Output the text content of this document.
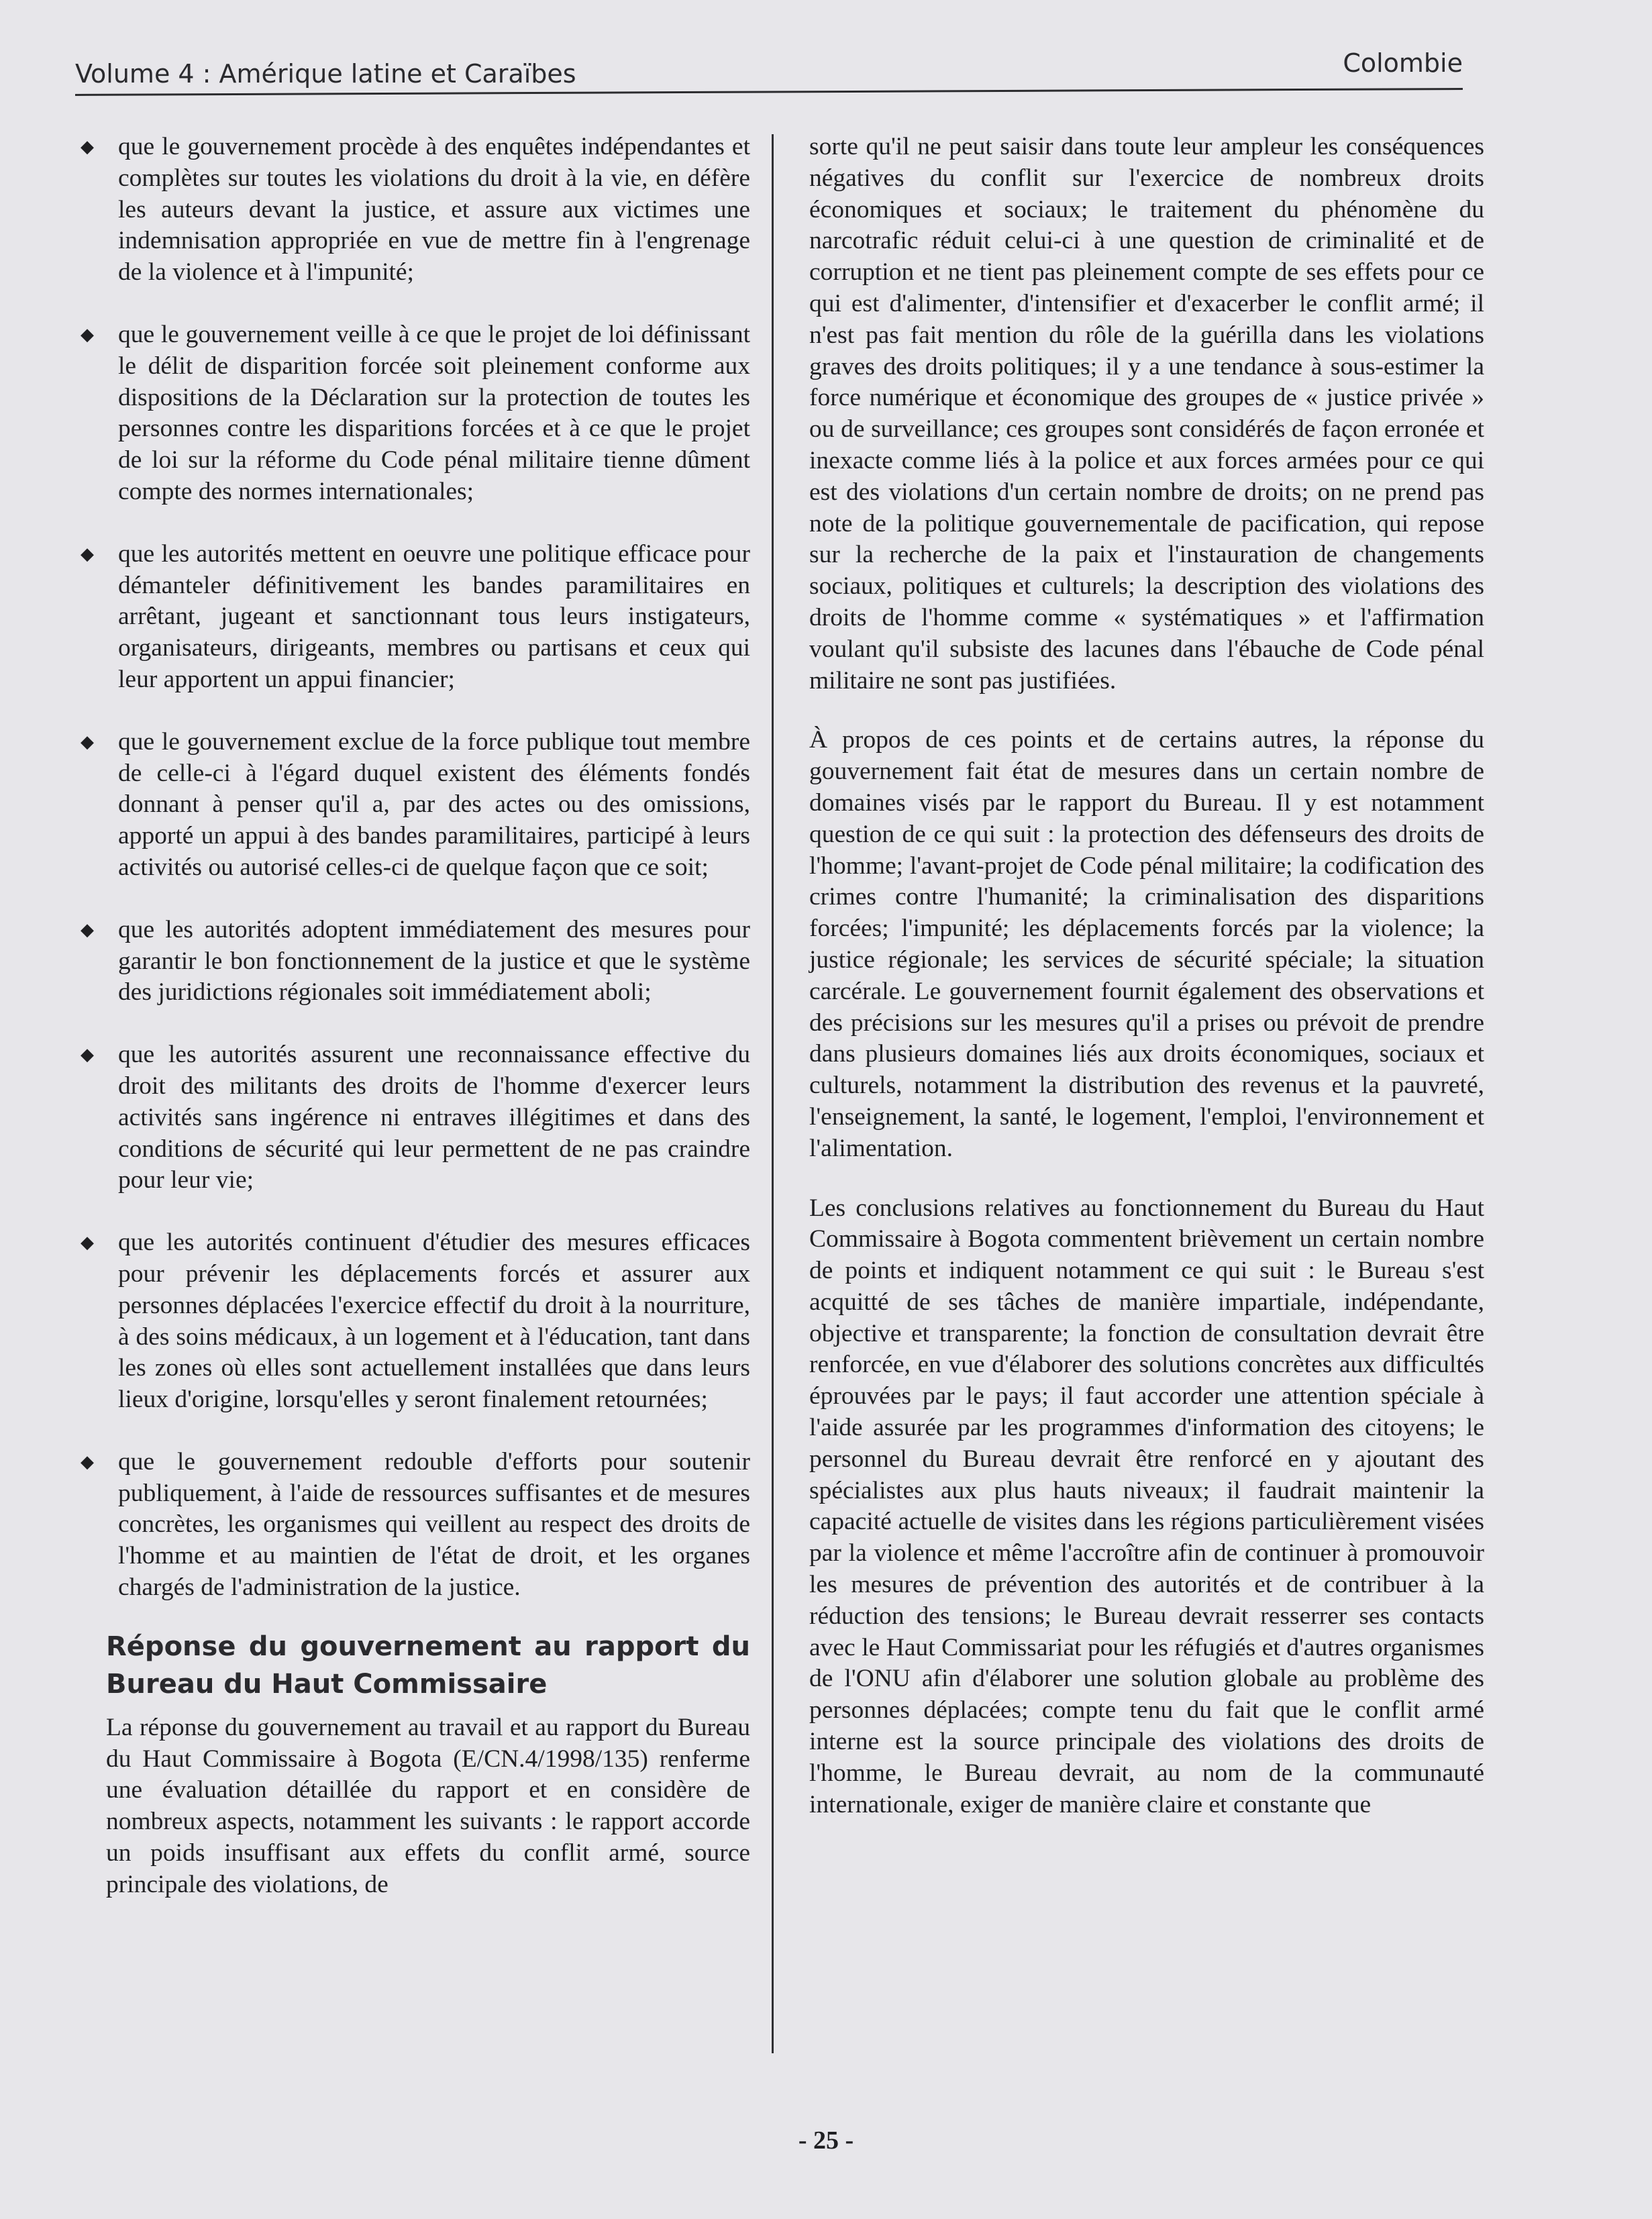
Volume 4 : Amérique latine et Caraïbes	Colombie
◆ que le gouvernement procède à des enquêtes indépendantes et complètes sur toutes les violations du droit à la vie, en défère les auteurs devant la justice, et assure aux victimes une indemnisation appropriée en vue de mettre fin à l'engrenage de la violence et à l'impunité;
◆ que le gouvernement veille à ce que le projet de loi définissant le délit de disparition forcée soit pleinement conforme aux dispositions de la Déclaration sur la protection de toutes les personnes contre les disparitions forcées et à ce que le projet de loi sur la réforme du Code pénal militaire tienne dûment compte des normes internationales;
◆ que les autorités mettent en oeuvre une politique efficace pour démanteler définitivement les bandes paramilitaires en arrêtant, jugeant et sanctionnant tous leurs instigateurs, organisateurs, dirigeants, membres ou partisans et ceux qui leur apportent un appui financier;
◆ que le gouvernement exclue de la force publique tout membre de celle-ci à l'égard duquel existent des éléments fondés donnant à penser qu'il a, par des actes ou des omissions, apporté un appui à des bandes paramilitaires, participé à leurs activités ou autorisé celles-ci de quelque façon que ce soit;
◆ que les autorités adoptent immédiatement des mesures pour garantir le bon fonctionnement de la justice et que le système des juridictions régionales soit immédiatement aboli;
◆ que les autorités assurent une reconnaissance effective du droit des militants des droits de l'homme d'exercer leurs activités sans ingérence ni entraves illégitimes et dans des conditions de sécurité qui leur permettent de ne pas craindre pour leur vie;
◆ que les autorités continuent d'étudier des mesures efficaces pour prévenir les déplacements forcés et assurer aux personnes déplacées l'exercice effectif du droit à la nourriture, à des soins médicaux, à un logement et à l'éducation, tant dans les zones où elles sont actuellement installées que dans leurs lieux d'origine, lorsqu'elles y seront finalement retournées;
◆ que le gouvernement redouble d'efforts pour soutenir publiquement, à l'aide de ressources suffisantes et de mesures concrètes, les organismes qui veillent au respect des droits de l'homme et au maintien de l'état de droit, et les organes chargés de l'administration de la justice.
Réponse du gouvernement au rapport du Bureau du Haut Commissaire

La réponse du gouvernement au travail et au rapport du Bureau du Haut Commissaire à Bogota (E/CN.4/1998/135) renferme une évaluation détaillée du rapport et en considère de nombreux aspects, notamment les suivants : le rapport accorde un poids insuffisant aux effets du conflit armé, source principale des violations, de

sorte qu'il ne peut saisir dans toute leur ampleur les conséquences négatives du conflit sur l'exercice de nombreux droits économiques et sociaux; le traitement du phénomène du narcotrafic réduit celui-ci à une question de criminalité et de corruption et ne tient pas pleinement compte de ses effets pour ce qui est d'alimenter, d'intensifier et d'exacerber le conflit armé; il n'est pas fait mention du rôle de la guérilla dans les violations graves des droits politiques; il y a une tendance à sous-estimer la force numérique et économique des groupes de « justice privée » ou de surveillance; ces groupes sont considérés de façon erronée et inexacte comme liés à la police et aux forces armées pour ce qui est des violations d'un certain nombre de droits; on ne prend pas note de la politique gouvernementale de pacification, qui repose sur la recherche de la paix et l'instauration de changements sociaux, politiques et culturels; la description des violations des droits de l'homme comme « systématiques » et l'affirmation voulant qu'il subsiste des lacunes dans l'ébauche de Code pénal militaire ne sont pas justifiées.

À propos de ces points et de certains autres, la réponse du gouvernement fait état de mesures dans un certain nombre de domaines visés par le rapport du Bureau. Il y est notamment question de ce qui suit : la protection des défenseurs des droits de l'homme; l'avant-projet de Code pénal militaire; la codification des crimes contre l'humanité; la criminalisation des disparitions forcées; l'impunité; les déplacements forcés par la violence; la justice régionale; les services de sécurité spéciale; la situation carcérale. Le gouvernement fournit également des observations et des précisions sur les mesures qu'il a prises ou prévoit de prendre dans plusieurs domaines liés aux droits économiques, sociaux et culturels, notamment la distribution des revenus et la pauvreté, l'enseignement, la santé, le logement, l'emploi, l'environnement et l'alimentation.

Les conclusions relatives au fonctionnement du Bureau du Haut Commissaire à Bogota commentent brièvement un certain nombre de points et indiquent notamment ce qui suit : le Bureau s'est acquitté de ses tâches de manière impartiale, indépendante, objective et transparente; la fonction de consultation devrait être renforcée, en vue d'élaborer des solutions concrètes aux difficultés éprouvées par le pays; il faut accorder une attention spéciale à l'aide assurée par les programmes d'information des citoyens; le personnel du Bureau devrait être renforcé en y ajoutant des spécialistes aux plus hauts niveaux; il faudrait maintenir la capacité actuelle de visites dans les régions particulièrement visées par la violence et même l'accroître afin de continuer à promouvoir les mesures de prévention des autorités et de contribuer à la réduction des tensions; le Bureau devrait resserrer ses contacts avec le Haut Commissariat pour les réfugiés et d'autres organismes de l'ONU afin d'élaborer une solution globale au problème des personnes déplacées; compte tenu du fait que le conflit armé interne est la source principale des violations des droits de l'homme, le Bureau devrait, au nom de la communauté internationale, exiger de manière claire et constante que

- 25 -
